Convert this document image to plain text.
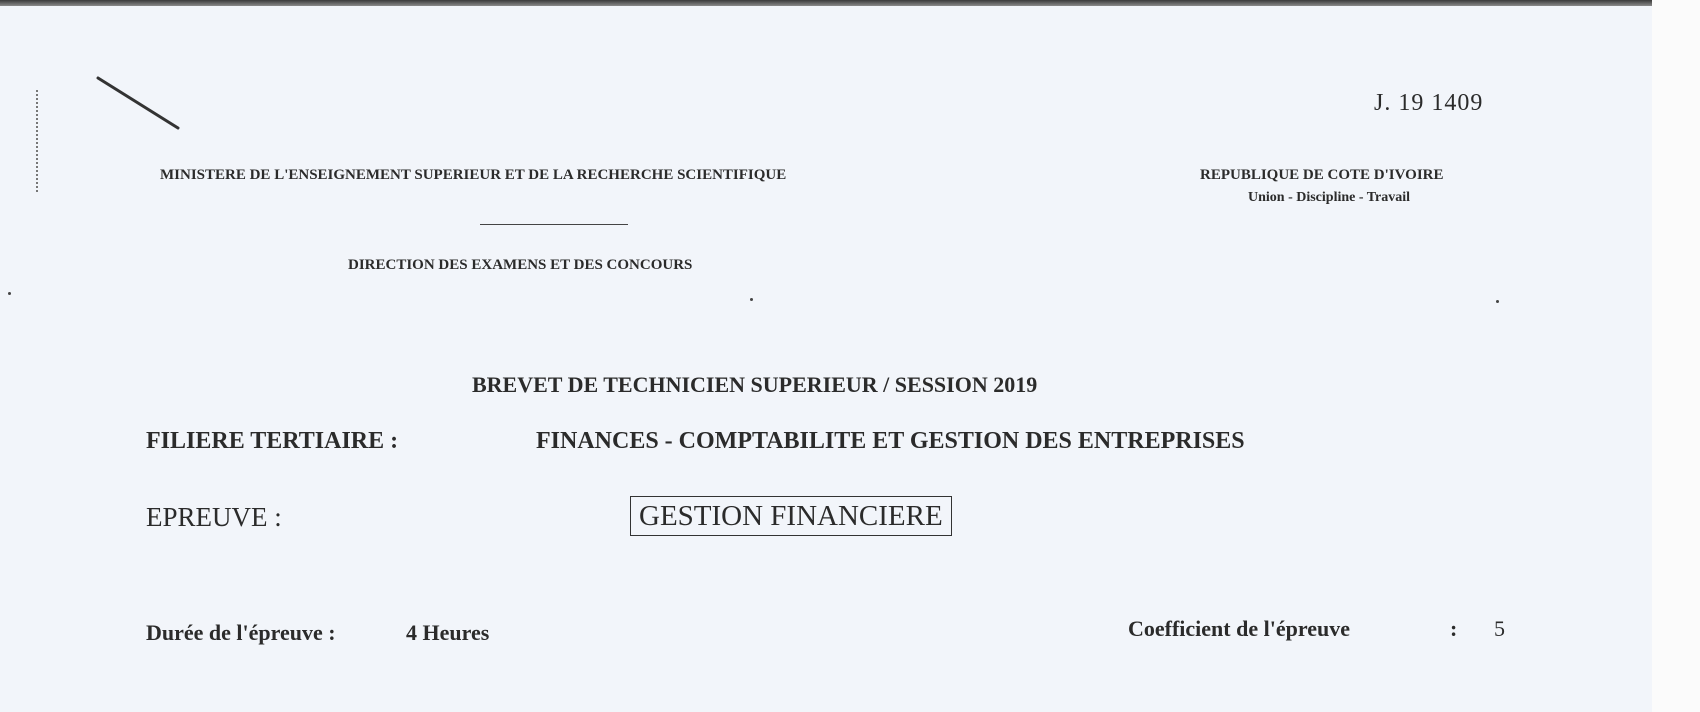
J. 19 1409
MINISTERE DE L'ENSEIGNEMENT SUPERIEUR ET DE LA RECHERCHE SCIENTIFIQUE	REPUBLIQUE DE COTE D'IVOIRE
Union - Discipline - Travail
DIRECTION DES EXAMENS ET DES CONCOURS
BREVET DE TECHNICIEN SUPERIEUR / SESSION 2019
FILIERE TERTIAIRE :	FINANCES - COMPTABILITE ET GESTION DES ENTREPRISES
EPREUVE :	GESTION FINANCIERE
Durée de l'épreuve :	4 Heures	Coefficient de l'épreuve	: 5
